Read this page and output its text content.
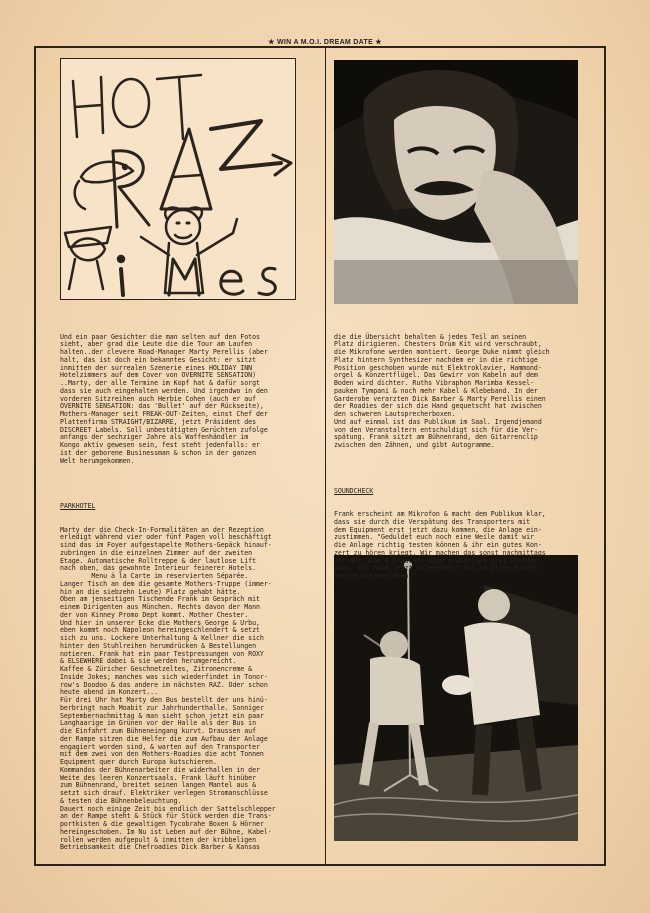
★ WIN A M.O.I. DREAM DATE ★

Und ein paar Gesichter die man selten auf den Fotos
sieht, aber grad die Leute die die Tour am Laufen
halten..der clevere Road-Manager Marty Perellis (aber
halt, das ist doch ein bekanntes Gesicht: er sitzt
inmitten der surrealen Szenerie eines HOLIDAY INN
Hotelzimmers auf dem Cover von OVERNITE SENSATION)
..Marty, der alle Termine im Kopf hat & dafür sorgt
dass sie auch eingehalten werden. Und irgendwo in den
vorderen Sitzreihen auch Herbie Cohen (auch er auf
OVERNITE SENSATION: das 'Bullet' auf der Rückseite),
Mothers-Manager seit FREAK-OUT-Zeiten, einst Chef der
Plattenfirma STRAIGHT/BIZARRE, jetzt Präsident des
DISCREET Labels. Soll unbestätigten Gerüchten zufolge
anfangs der sechziger Jahre als Waffenhändler im
Kongo aktiv gewesen sein, fest steht jedenfalls: er
ist der geborene Businessman & schon in der ganzen
Welt herumgekommen.

PARKHOTEL

Marty der die Check-In-Formalitäten an der Rezeption
erledigt während vier oder fünf Pagen voll beschäftigt
sind das im Foyer aufgestapelte Mothers-Gepäck hinauf-
zubringen in die einzelnen Zimmer auf der zweiten
Etage. Automatische Rolltreppe & der lautlose Lift
nach oben, das gewohnte Interieur feinerer Hotels.
Menu à la Carte im reservierten Séparée.
Langer Tisch an dem die gesamte Mothers-Truppe (immer-
hin an die siebzehn Leute) Platz gehabt hätte.
Oben am jenseitigen Tischende Frank im Gespräch mit
einem Dirigenten aus München. Rechts davon der Mann
der von Kinney Promo Dept kommt. Mother Chester.
Und hier in unserer Ecke die Mothers George & Urbu,
eben kommt noch Napoleon hereingeschlendert & setzt
sich zu uns. Lockere Unterhaltung & Kellner die sich
hinter den Stuhlreihen herumdrücken & Bestellungen
notieren. Frank hat ein paar Testpressungen von ROXY
& ELSEWHERE dabei & sie werden herumgereicht.
Kaffee & Züricher Geschnetzeltes, Zitronencreme &
Inside Jokes; manches was sich wiederfindet in Tonor-
row's Doodoo & das andere im nächsten RAZ. Oder schon
heute abend im Konzert...
Für drei Uhr hat Marty den Bus bestellt der uns hinü-
berbringt nach Moabit zur Jahrhunderthalle. Sonniger
Septembernachmittag & man sieht schon jetzt ein paar
Langhaarige im Grünen vor der Halle als der Bus in
die Einfahrt zum Bühneneingang kurvt. Draussen auf
der Rampe sitzen die Helfer die zum Aufbau der Anlage
engagiert worden sind, & warten auf den Transporter
mit dem zwei von den Mothers-Roadies die acht Tonnen
Equipment quer durch Europa kutschieren.
Kommandos der Bühnenarbeiter die widerhallen in der
Weite des leeren Konzertsaals. Frank läuft hinüber
zum Bühnenrand, breitet seinen langen Mantel aus &
setzt sich drauf. Elektriker verlegen Stromanschlüsse
& testen die Bühnenbeleuchtung.
Dauert noch einige Zeit bis endlich der Sattelschlepper
an der Rampe steht & Stück für Stück werden die Trans-
portkisten & die gewaltigen Tycobrahe Boxen & Hörner
hereingeschoben. Im Nu ist Leben auf der Bühne, Kabel-
rollen werden aufgepult & inmitten der kribbeligen
Betriebsamkeit die Chefroadies Dick Barber & Kansas

die die Übersicht behalten & jedes Teil an seinen
Platz dirigieren. Chesters Drum Kit wird verschraubt,
die Mikrofone werden montiert. George Duke nimmt gleich
Platz hintern Synthesizer nachdem er in die richtige
Position geschoben wurde mit Elektroklavier, Hammond-
orgel & Konzertflügel. Das Gewirr von Kabeln auf dem
Boden wird dichter. Ruths Vibraphon Marimba Kessel-
pauken Tympani & noch mehr Kabel & Klebeband. In der
Garderobe verarzten Dick Barber & Marty Perellis einen
der Roadies der sich die Hand gequetscht hat zwischen
den schweren Lautsprecherboxen.
Und auf einmal ist das Publikum im Saal. Irgendjemand
von den Veranstaltern entschuldigt sich für die Ver-
spätung. Frank sitzt am Bühnenrand, den Gitarrenclip
zwischen den Zähnen, und gibt Autogramme.

SOUNDCHECK

Frank erscheint am Mikrofon & macht dem Publikum klar,
dass sie durch die Verspätung des Transporters mit
dem Equipment erst jetzt dazu kommen, die Anlage ein-
zustimmen. "Geduldet euch noch eine Weile damit wir
die Anlage richtig testen können & ihr ein gutes Kon-
zert zu hören kriegt. Wir machen das sonst nachmittags
vor der Show & brauchen dann gewöhnlich drei Stunden
dazu. Ihr habt jetzt Gelegenheit das in allen Einzel-
heiten mitzuerleben."
